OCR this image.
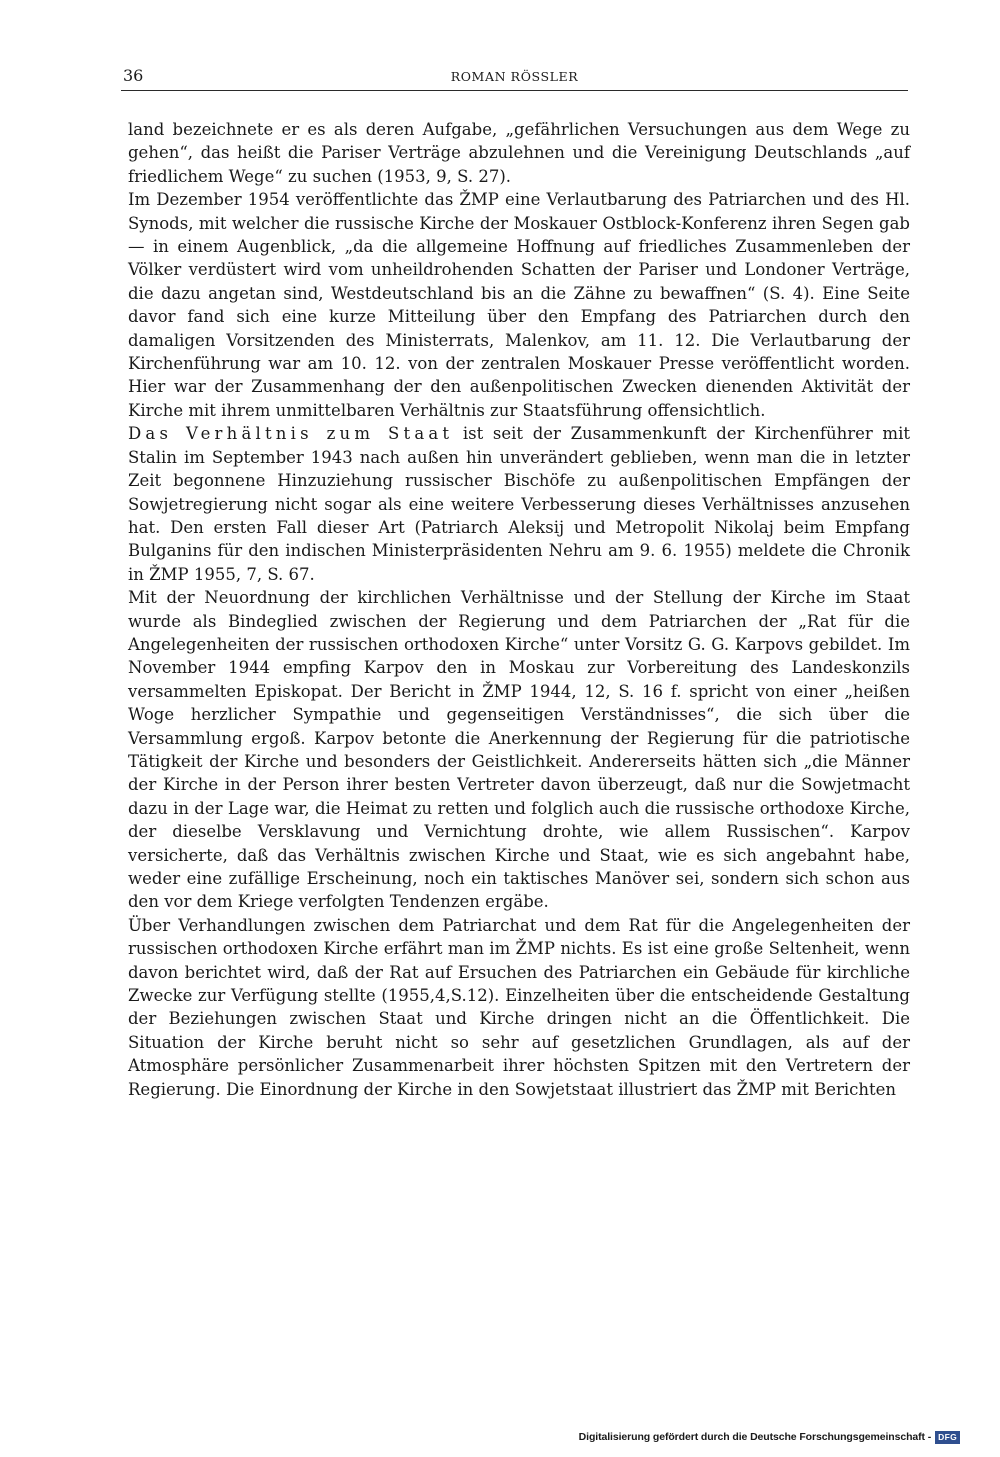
36	ROMAN RÖSSLER

land bezeichnete er es als deren Aufgabe, „gefährlichen Versuchungen aus dem Wege zu gehen“, das heißt die Pariser Verträge abzulehnen und die Vereinigung Deutschlands „auf friedlichem Wege“ zu suchen (1953, 9, S. 27).

Im Dezember 1954 veröffentlichte das ŽMP eine Verlautbarung des Patriarchen und des Hl. Synods, mit welcher die russische Kirche der Moskauer Ostblock-Konferenz ihren Segen gab — in einem Augenblick, „da die allgemeine Hoffnung auf friedliches Zusammenleben der Völker verdüstert wird vom unheildrohenden Schatten der Pariser und Londoner Verträge, die dazu angetan sind, Westdeutschland bis an die Zähne zu bewaffnen“ (S. 4). Eine Seite davor fand sich eine kurze Mitteilung über den Empfang des Patriarchen durch den damaligen Vorsitzenden des Ministerrats, Malenkov, am 11. 12. Die Verlautbarung der Kirchenführung war am 10. 12. von der zentralen Moskauer Presse veröffentlicht worden. Hier war der Zusammenhang der den außenpolitischen Zwecken dienenden Aktivität der Kirche mit ihrem unmittelbaren Verhältnis zur Staatsführung offensichtlich.

Das Verhältnis zum Staat ist seit der Zusammenkunft der Kirchenführer mit Stalin im September 1943 nach außen hin unverändert geblieben, wenn man die in letzter Zeit begonnene Hinzuziehung russischer Bischöfe zu außenpolitischen Empfängen der Sowjetregierung nicht sogar als eine weitere Verbesserung dieses Verhältnisses anzusehen hat. Den ersten Fall dieser Art (Patriarch Aleksij und Metropolit Nikolaj beim Empfang Bulganins für den indischen Ministerpräsidenten Nehru am 9. 6. 1955) meldete die Chronik in ŽMP 1955, 7, S. 67.

Mit der Neuordnung der kirchlichen Verhältnisse und der Stellung der Kirche im Staat wurde als Bindeglied zwischen der Regierung und dem Patriarchen der „Rat für die Angelegenheiten der russischen orthodoxen Kirche“ unter Vorsitz G. G. Karpovs gebildet. Im November 1944 empfing Karpov den in Moskau zur Vorbereitung des Landeskonzils versammelten Episkopat. Der Bericht in ŽMP 1944, 12, S. 16 f. spricht von einer „heißen Woge herzlicher Sympathie und gegenseitigen Verständnisses“, die sich über die Versammlung ergoß. Karpov betonte die Anerkennung der Regierung für die patriotische Tätigkeit der Kirche und besonders der Geistlichkeit. Andererseits hätten sich „die Männer der Kirche in der Person ihrer besten Vertreter davon überzeugt, daß nur die Sowjetmacht dazu in der Lage war, die Heimat zu retten und folglich auch die russische orthodoxe Kirche, der dieselbe Versklavung und Vernichtung drohte, wie allem Russischen“. Karpov versicherte, daß das Verhältnis zwischen Kirche und Staat, wie es sich angebahnt habe, weder eine zufällige Erscheinung, noch ein taktisches Manöver sei, sondern sich schon aus den vor dem Kriege verfolgten Tendenzen ergäbe.

Über Verhandlungen zwischen dem Patriarchat und dem Rat für die Angelegenheiten der russischen orthodoxen Kirche erfährt man im ŽMP nichts. Es ist eine große Seltenheit, wenn davon berichtet wird, daß der Rat auf Ersuchen des Patriarchen ein Gebäude für kirchliche Zwecke zur Verfügung stellte (1955,4,S.12). Einzelheiten über die entscheidende Gestaltung der Beziehungen zwischen Staat und Kirche dringen nicht an die Öffentlichkeit. Die Situation der Kirche beruht nicht so sehr auf gesetzlichen Grundlagen, als auf der Atmosphäre persönlicher Zusammenarbeit ihrer höchsten Spitzen mit den Vertretern der Regierung. Die Einordnung der Kirche in den Sowjetstaat illustriert das ŽMP mit Berichten

Digitalisierung gefördert durch die Deutsche Forschungsgemeinschaft - DFG
